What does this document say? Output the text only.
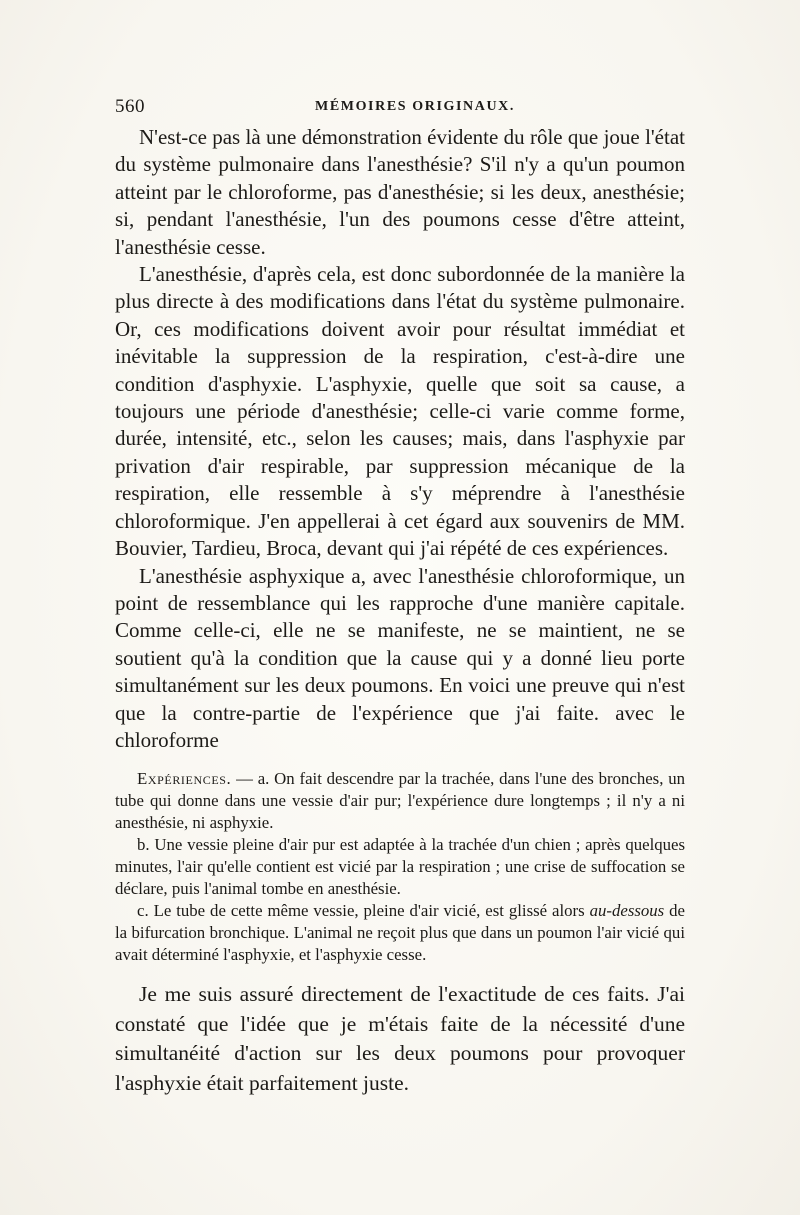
560	MÉMOIRES ORIGINAUX.

N'est-ce pas là une démonstration évidente du rôle que joue l'état du système pulmonaire dans l'anesthésie? S'il n'y a qu'un poumon atteint par le chloroforme, pas d'anesthésie; si les deux, anesthésie; si, pendant l'anesthésie, l'un des poumons cesse d'être atteint, l'anesthésie cesse.

L'anesthésie, d'après cela, est donc subordonnée de la manière la plus directe à des modifications dans l'état du système pulmonaire. Or, ces modifications doivent avoir pour résultat immédiat et inévitable la suppression de la respiration, c'est-à-dire une condition d'asphyxie. L'asphyxie, quelle que soit sa cause, a toujours une période d'anesthésie; celle-ci varie comme forme, durée, intensité, etc., selon les causes; mais, dans l'asphyxie par privation d'air respirable, par suppression mécanique de la respiration, elle ressemble à s'y méprendre à l'anesthésie chloroformique. J'en appellerai à cet égard aux souvenirs de MM. Bouvier, Tardieu, Broca, devant qui j'ai répété de ces expériences.

L'anesthésie asphyxique a, avec l'anesthésie chloroformique, un point de ressemblance qui les rapproche d'une manière capitale. Comme celle-ci, elle ne se manifeste, ne se maintient, ne se soutient qu'à la condition que la cause qui y a donné lieu porte simultanément sur les deux poumons. En voici une preuve qui n'est que la contre-partie de l'expérience que j'ai faite. avec le chloroforme

Expériences. — a. On fait descendre par la trachée, dans l'une des bronches, un tube qui donne dans une vessie d'air pur; l'expérience dure longtemps ; il n'y a ni anesthésie, ni asphyxie.

b. Une vessie pleine d'air pur est adaptée à la trachée d'un chien ; après quelques minutes, l'air qu'elle contient est vicié par la respiration ; une crise de suffocation se déclare, puis l'animal tombe en anesthésie.

c. Le tube de cette même vessie, pleine d'air vicié, est glissé alors au-dessous de la bifurcation bronchique. L'animal ne reçoit plus que dans un poumon l'air vicié qui avait déterminé l'asphyxie, et l'asphyxie cesse.

Je me suis assuré directement de l'exactitude de ces faits. J'ai constaté que l'idée que je m'étais faite de la nécessité d'une simultanéité d'action sur les deux poumons pour provoquer l'asphyxie était parfaitement juste.
